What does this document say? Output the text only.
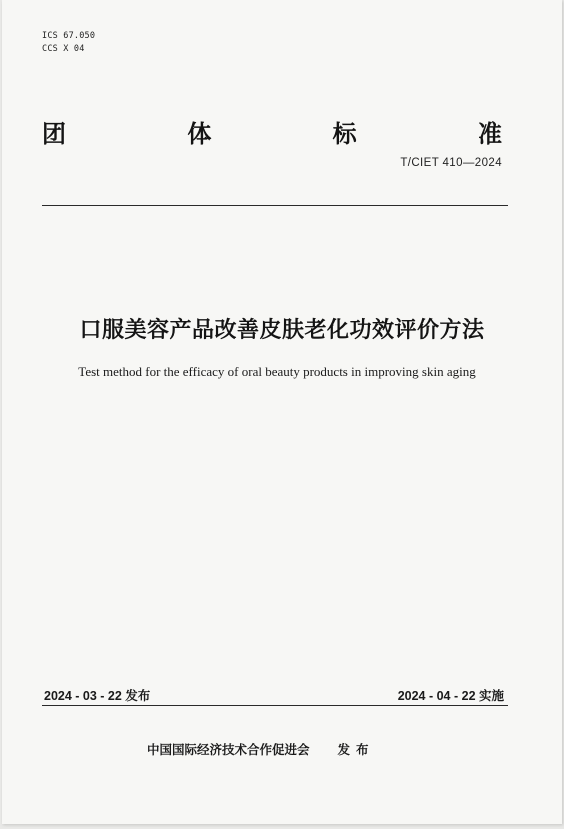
ICS 67.050
CCS X 04
团	体	标	准
T/CIET 410—2024
口服美容产品改善皮肤老化功效评价方法
Test method for the efficacy of oral beauty products in improving skin aging
2024 - 03 - 22 发布	2024 - 04 - 22 实施
中国国际经济技术合作促进会 发布
